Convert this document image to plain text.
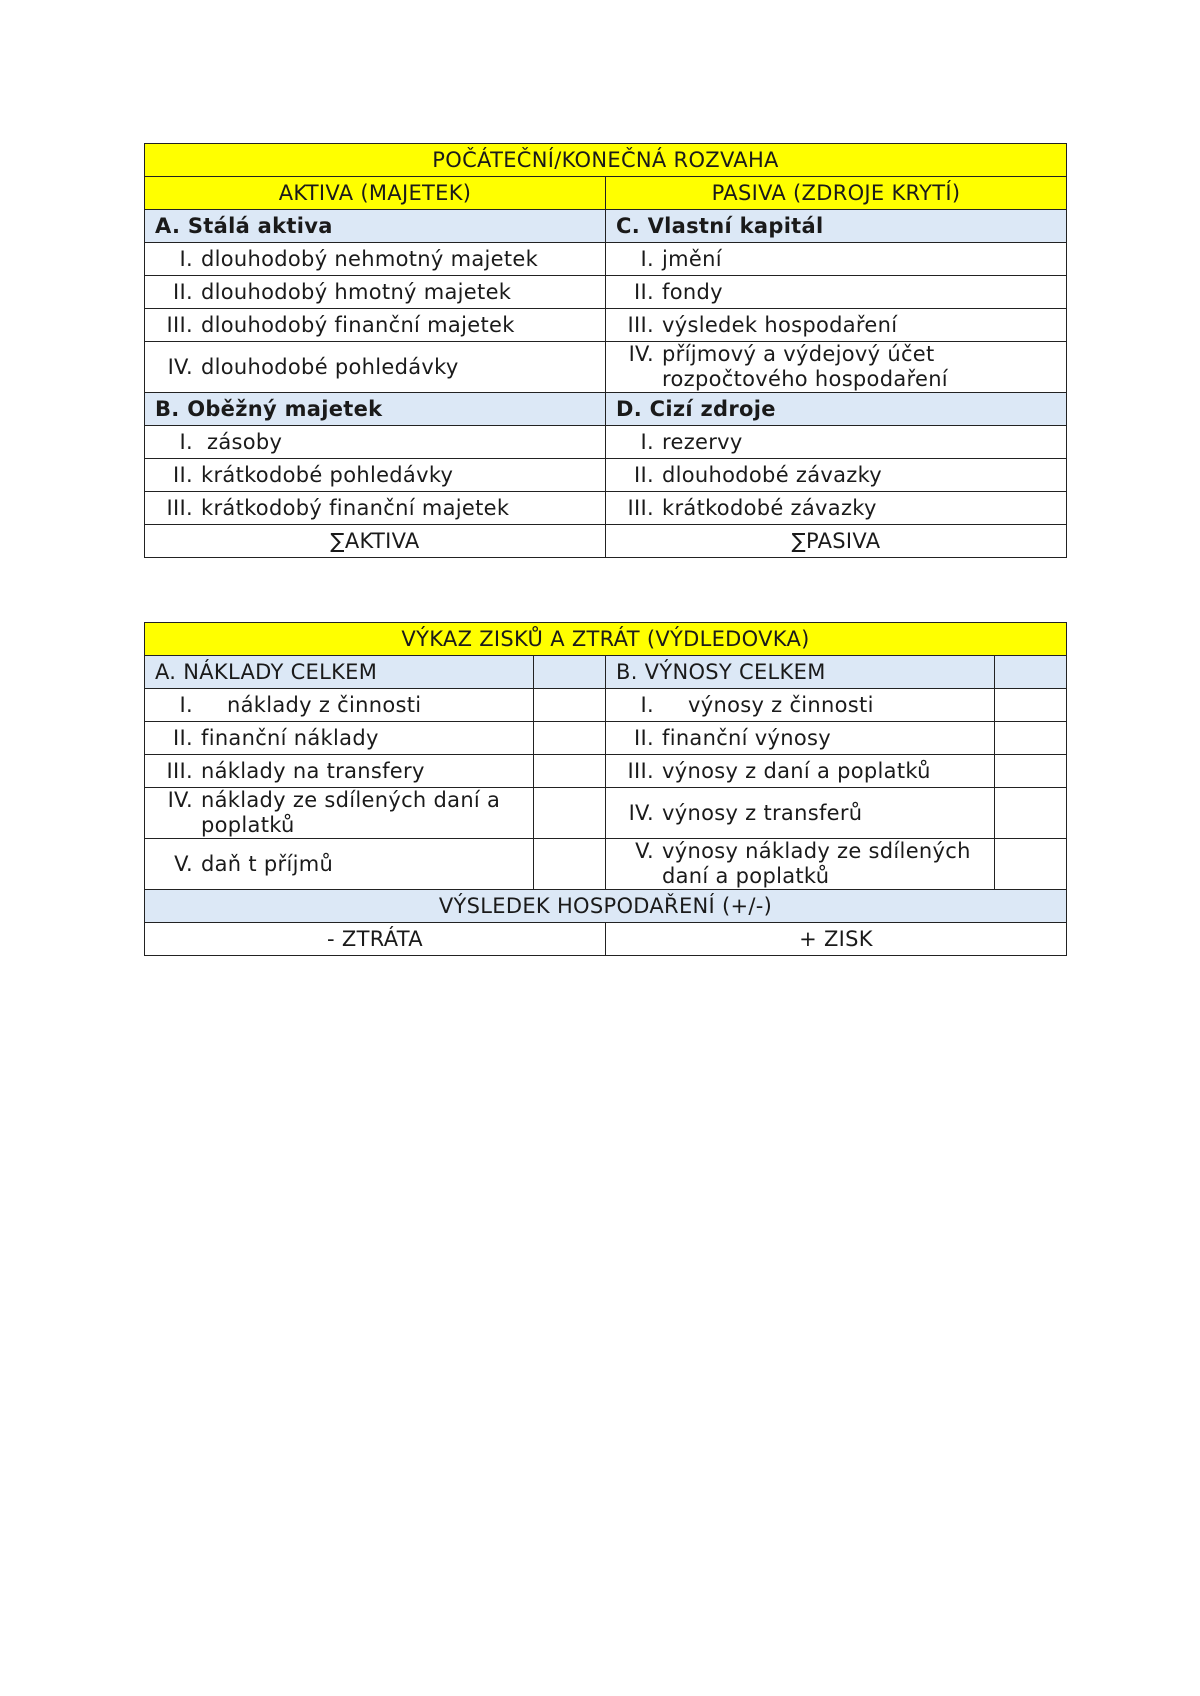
POČÁTEČNÍ/KONEČNÁ ROZVAHA	
AKTIVA (MAJETEK)	PASIVA (ZDROJE KRYTÍ)
A. Stálá aktiva	C. Vlastní kapitál

I. dlouhodobý nehmotný majetek	I. jmění

II. dlouhodobý hmotný majetek	II. fondy

III. dlouhodobý finanční majetek	III. výsledek hospodaření

IV. dlouhodobé pohledávky	IV. příjmový a výdejový účet rozpočtového hospodaření

B. Oběžný majetek	D. Cizí zdroje

I. zásoby	I. rezervy

II. krátkodobé pohledávky	II. dlouhodobé závazky

III. krátkodobý finanční majetek	III. krátkodobé závazky

∑AKTIVA	∑PASIVA
VÝKAZ ZISKŮ A ZTRÁT (VÝDLEDOVKA)			
A. NÁKLADY CELKEM		B. VÝNOSY CELKEM	

I. náklady z činnosti		I. výnosy z činnosti	

II. finanční náklady		II. finanční výnosy	

III. náklady na transfery		III. výnosy z daní a poplatků	

IV. náklady ze sdílených daní a poplatků		IV. výnosy z transferů	

V. daň t příjmů		V. výnosy náklady ze sdílených daní a poplatků	

VÝSLEDEK HOSPODAŘENÍ (+/-)			
- ZTRÁTA		+ ZISK	
